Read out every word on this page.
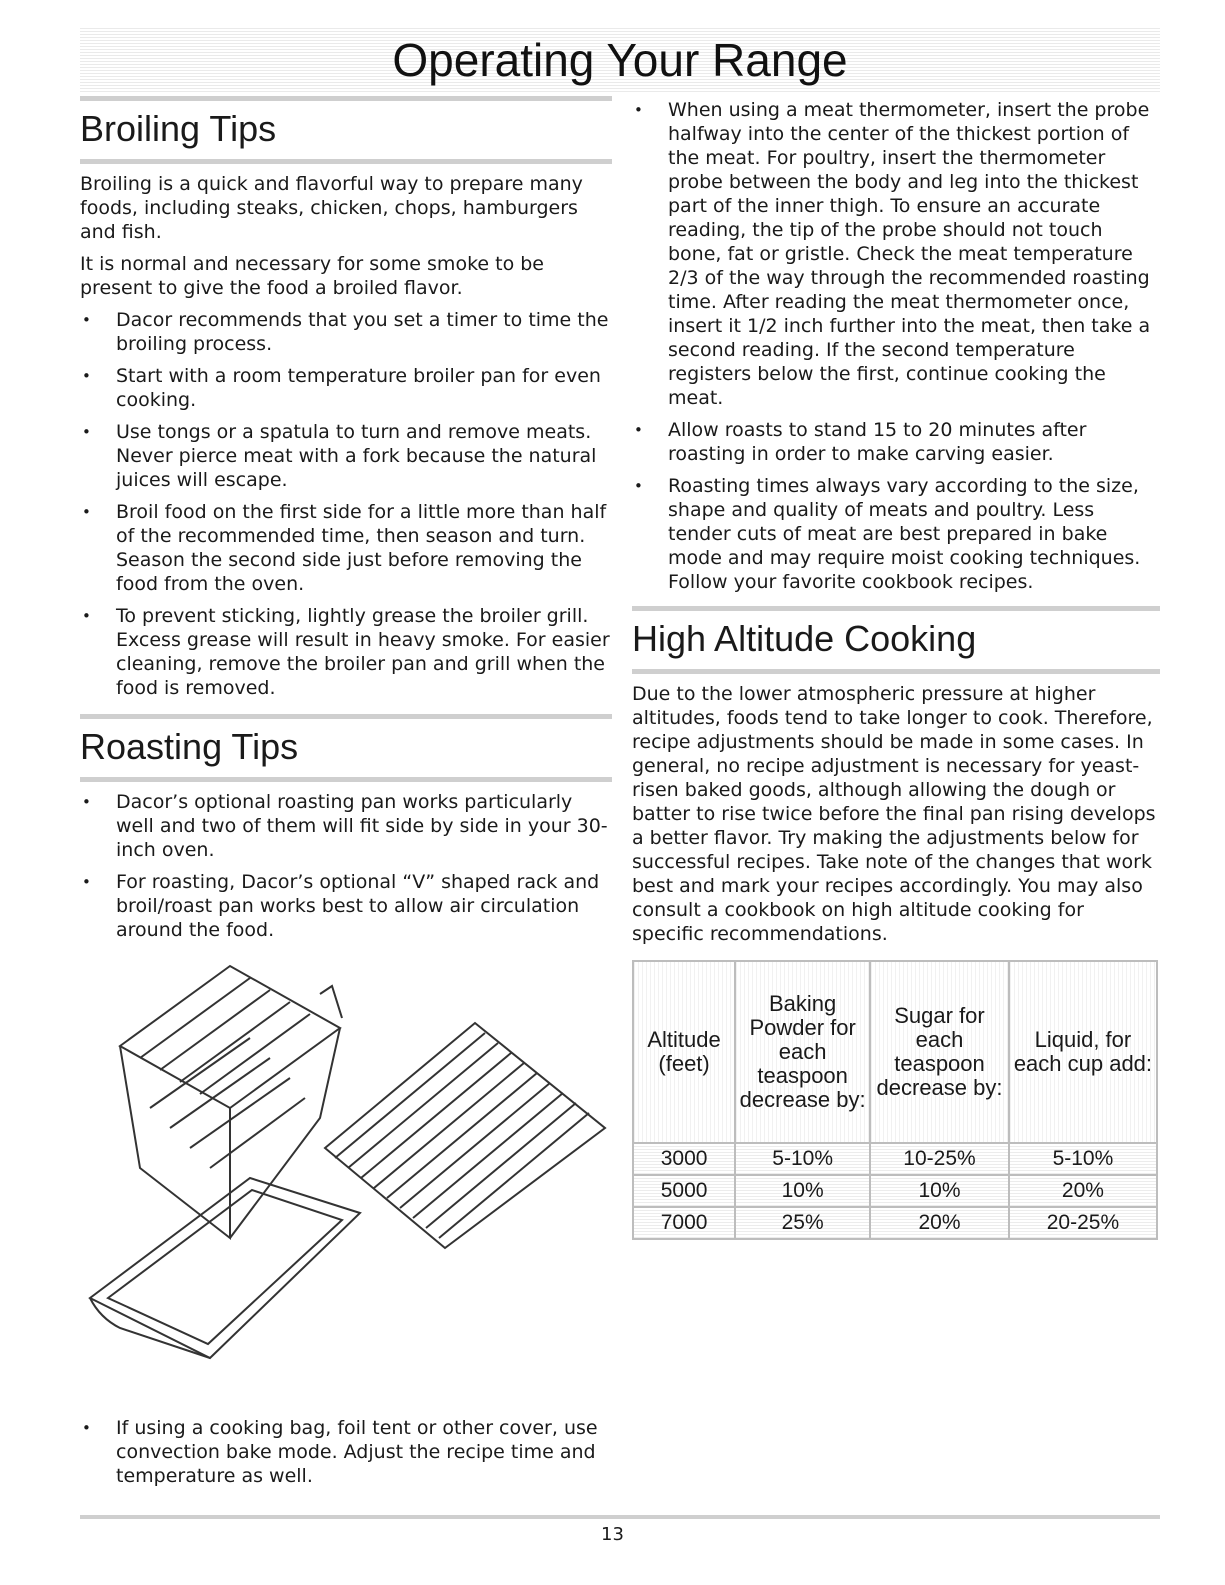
Operating Your Range
Broiling Tips

Broiling is a quick and flavorful way to prepare many foods, including steaks, chicken, chops, hamburgers and fish.

It is normal and necessary for some smoke to be present to give the food a broiled flavor.

• Dacor recommends that you set a timer to time the broiling process.
• Start with a room temperature broiler pan for even cooking.
• Use tongs or a spatula to turn and remove meats. Never pierce meat with a fork because the natural juices will escape.
• Broil food on the first side for a little more than half of the recommended time, then season and turn. Season the second side just before removing the food from the oven.
• To prevent sticking, lightly grease the broiler grill. Excess grease will result in heavy smoke. For easier cleaning, remove the broiler pan and grill when the food is removed.
Roasting Tips
• Dacor’s optional roasting pan works particularly well and two of them will fit side by side in your 30-inch oven.
• For roasting, Dacor’s optional “V” shaped rack and broil/roast pan works best to allow air circulation around the food.
• If using a cooking bag, foil tent or other cover, use convection bake mode. Adjust the recipe time and temperature as well.
• When using a meat thermometer, insert the probe halfway into the center of the thickest portion of the meat. For poultry, insert the thermometer probe between the body and leg into the thickest part of the inner thigh. To ensure an accurate reading, the tip of the probe should not touch bone, fat or gristle. Check the meat temperature 2/3 of the way through the recommended roasting time. After reading the meat thermometer once, insert it 1/2 inch further into the meat, then take a second reading. If the second temperature registers below the first, continue cooking the meat.
• Allow roasts to stand 15 to 20 minutes after roasting in order to make carving easier.
• Roasting times always vary according to the size, shape and quality of meats and poultry. Less tender cuts of meat are best prepared in bake mode and may require moist cooking techniques. Follow your favorite cookbook recipes.
High Altitude Cooking

Due to the lower atmospheric pressure at higher altitudes, foods tend to take longer to cook. Therefore, recipe adjustments should be made in some cases. In general, no recipe adjustment is necessary for yeast-risen baked goods, although allowing the dough or batter to rise twice before the final pan rising develops a better flavor. Try making the adjustments below for successful recipes. Take note of the changes that work best and mark your recipes accordingly. You may also consult a cookbook on high altitude cooking for specific recommendations.

Altitude (feet)	Baking Powder for each teaspoon decrease by:	Sugar for each teaspoon decrease by:	Liquid, for each cup add:
3000	5-10%	10-25%	5-10%
5000	10%	10%	20%
7000	25%	20%	20-25%
13
